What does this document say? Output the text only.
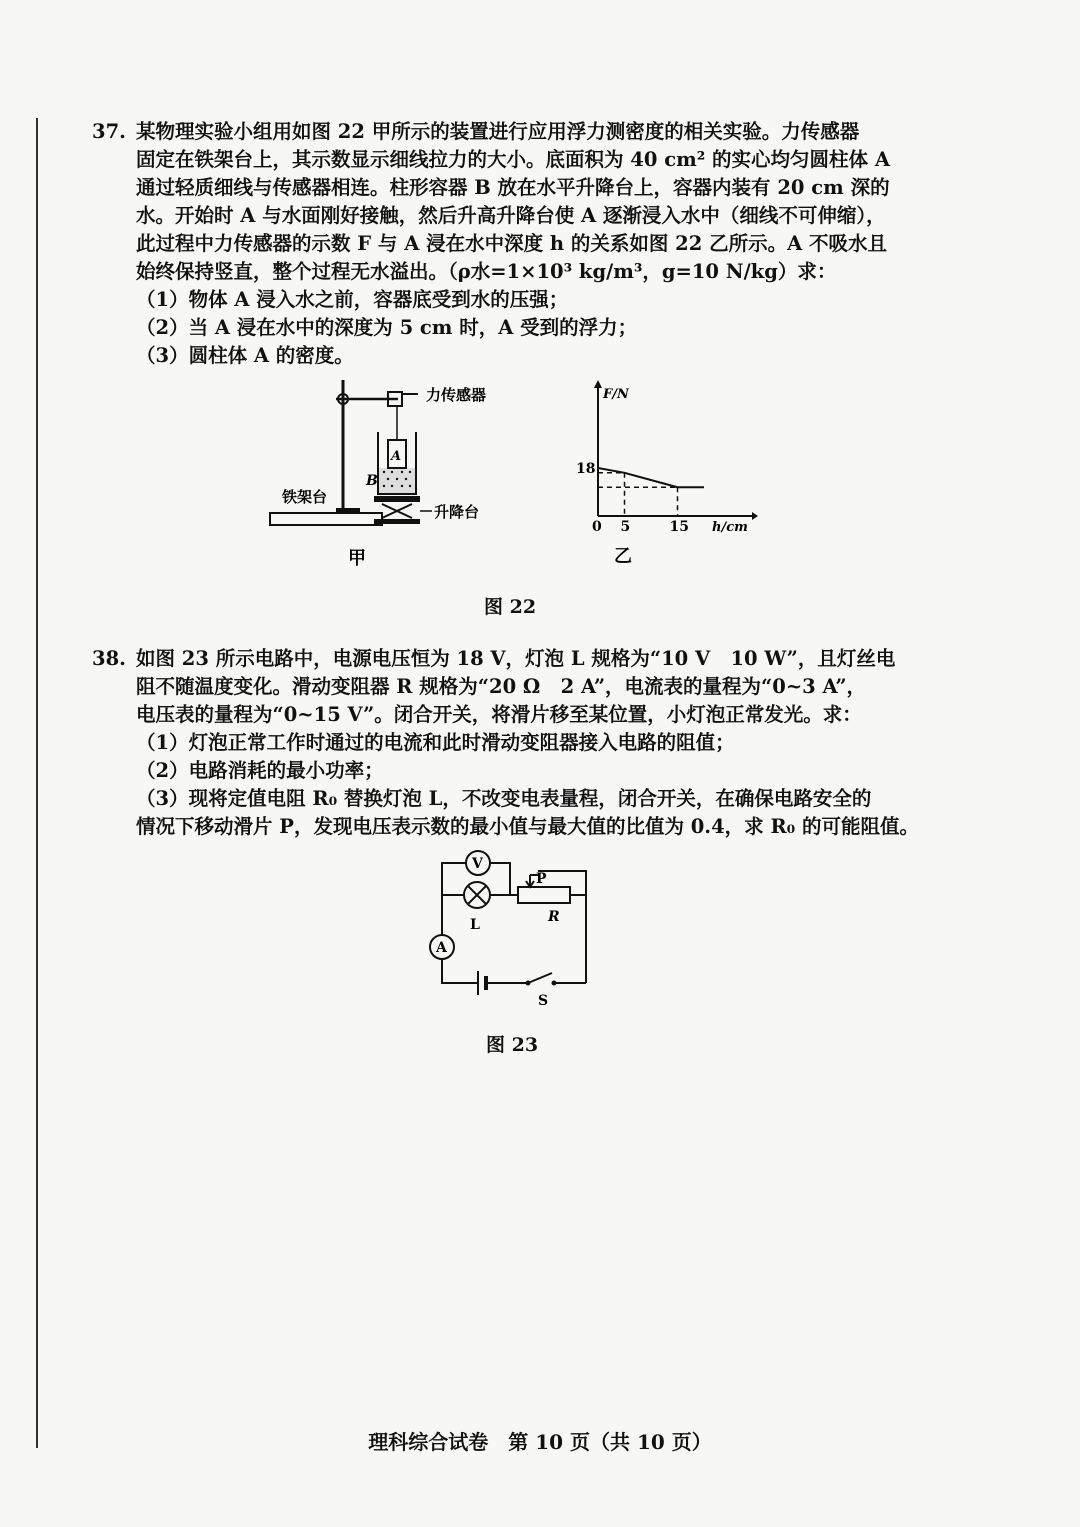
37. 某物理实验小组用如图 22 甲所示的装置进行应用浮力测密度的相关实验。力传感器

固定在铁架台上，其示数显示细线拉力的大小。底面积为 40 cm² 的实心均匀圆柱体 A

通过轻质细线与传感器相连。柱形容器 B 放在水平升降台上，容器内装有 20 cm 深的

水。开始时 A 与水面刚好接触，然后升高升降台使 A 逐渐浸入水中（细线不可伸缩），

此过程中力传感器的示数 F 与 A 浸在水中深度 h 的关系如图 22 乙所示。A 不吸水且

始终保持竖直，整个过程无水溢出。（ρ水=1×10³ kg/m³，g=10 N/kg）求：

（1）物体 A 浸入水之前，容器底受到水的压强；

（2）当 A 浸在水中的深度为 5 cm 时，A 受到的浮力；

（3）圆柱体 A 的密度。

力传感器
A
B
升降台
铁架台
甲
F/N
h/cm
0
18
5	15
乙
图 22

38. 如图 23 所示电路中，电源电压恒为 18 V，灯泡 L 规格为“10 V   10 W”，且灯丝电

阻不随温度变化。滑动变阻器 R 规格为“20 Ω   2 A”，电流表的量程为“0~3 A”，

电压表的量程为“0~15 V”。闭合开关，将滑片移至某位置，小灯泡正常发光。求：

（1）灯泡正常工作时通过的电流和此时滑动变阻器接入电路的阻值；

（2）电路消耗的最小功率；

（3）现将定值电阻 R₀ 替换灯泡 L，不改变电表量程，闭合开关，在确保电路安全的

情况下移动滑片 P，发现电压表示数的最小值与最大值的比值为 0.4，求 R₀ 的可能阻值。

V
L
P
R
A
S
图 23
理科综合试卷　第 10 页（共 10 页）
